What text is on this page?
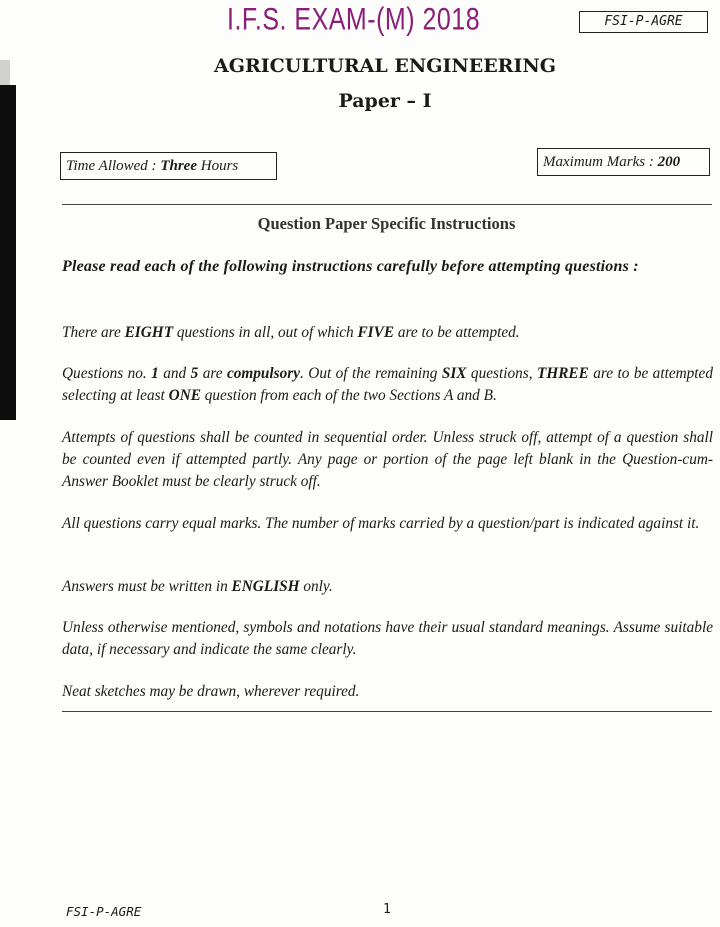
I.F.S. EXAM-(M) 2018	FSI-P-AGRE
AGRICULTURAL ENGINEERING
Paper – I
Time Allowed : Three Hours	Maximum Marks : 200
Question Paper Specific Instructions
Please read each of the following instructions carefully before attempting questions :
There are EIGHT questions in all, out of which FIVE are to be attempted.
Questions no. 1 and 5 are compulsory. Out of the remaining SIX questions, THREE are to be attempted selecting at least ONE question from each of the two Sections A and B.
Attempts of questions shall be counted in sequential order. Unless struck off, attempt of a question shall be counted even if attempted partly. Any page or portion of the page left blank in the Question-cum-Answer Booklet must be clearly struck off.
All questions carry equal marks. The number of marks carried by a question/part is indicated against it.
Answers must be written in ENGLISH only.
Unless otherwise mentioned, symbols and notations have their usual standard meanings. Assume suitable data, if necessary and indicate the same clearly.
Neat sketches may be drawn, wherever required.
FSI-P-AGRE	1
